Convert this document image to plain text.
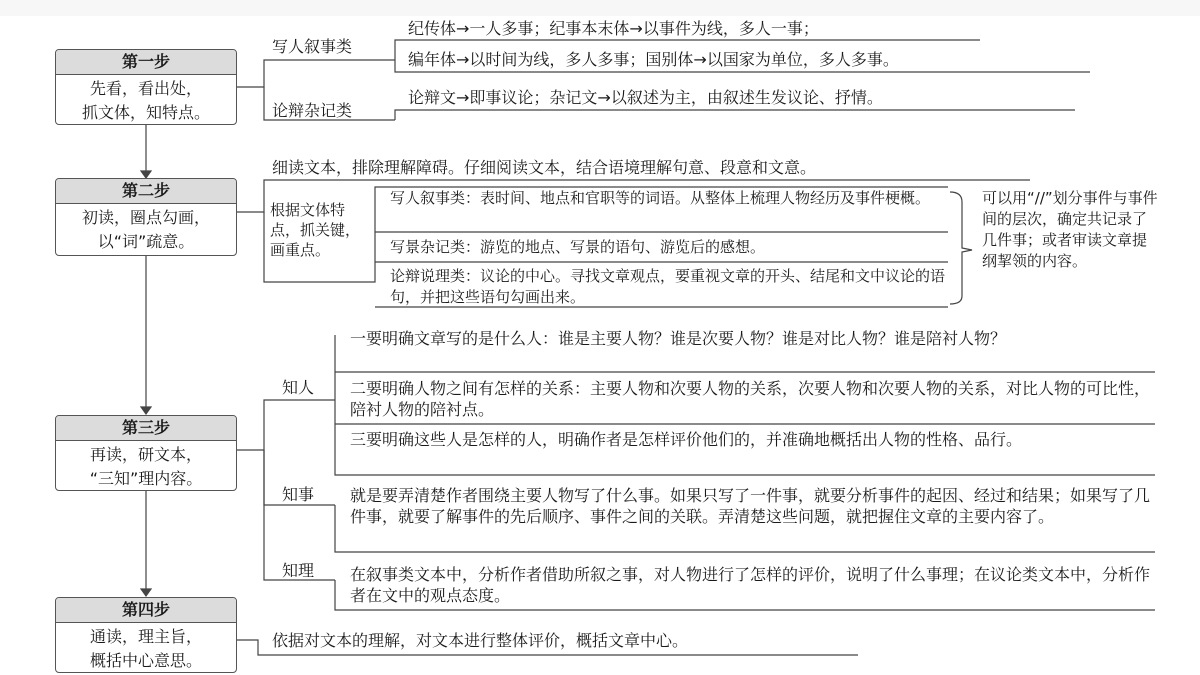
第一步
先看，看出处，
抓文体，知特点。
第二步
初读，圈点勾画，
以“词”疏意。
第三步
再读，研文本，
“三知”理内容。
第四步
通读，理主旨，
概括中心意思。
写人叙事类
纪传体→一人多事；纪事本末体→以事件为线，多人一事；
编年体→以时间为线，多人多事；国别体→以国家为单位，多人多事。
论辩杂记类
论辩文→即事议论；杂记文→以叙述为主，由叙述生发议论、抒情。
细读文本，排除理解障碍。仔细阅读文本，结合语境理解句意、段意和文意。
根据文体特点，抓关键，画重点。
写人叙事类：表时间、地点和官职等的词语。从整体上梳理人物经历及事件梗概。
写景杂记类：游览的地点、写景的语句、游览后的感想。
论辩说理类：议论的中心。寻找文章观点，要重视文章的开头、结尾和文中议论的语句，并把这些语句勾画出来。
可以用“//”划分事件与事件间的层次，确定共记录了几件事；或者审读文章提纲挈领的内容。
知人
一要明确文章写的是什么人：谁是主要人物？谁是次要人物？谁是对比人物？谁是陪衬人物？
二要明确人物之间有怎样的关系：主要人物和次要人物的关系，次要人物和次要人物的关系，对比人物的可比性，陪衬人物的陪衬点。
三要明确这些人是怎样的人，明确作者是怎样评价他们的，并准确地概括出人物的性格、品行。
知事 就是要弄清楚作者围绕主要人物写了什么事。如果只写了一件事，就要分析事件的起因、经过和结果；如果写了几件事，就要了解事件的先后顺序、事件之间的关联。弄清楚这些问题，就把握住文章的主要内容了。
知理 在叙事类文本中，分析作者借助所叙之事，对人物进行了怎样的评价，说明了什么事理；在议论类文本中，分析作者在文中的观点态度。
依据对文本的理解，对文本进行整体评价，概括文章中心。
